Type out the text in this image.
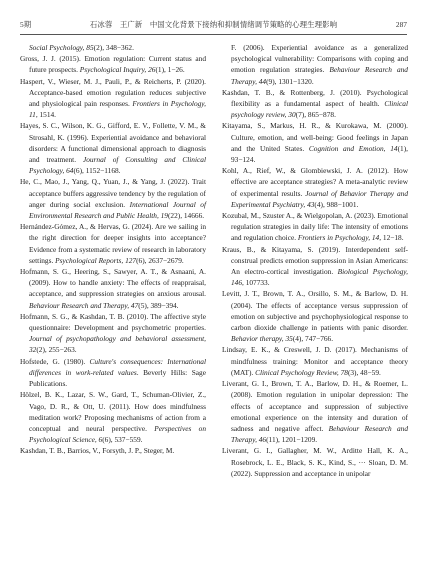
5期	石冰蓉　王广新　中国文化背景下接纳和抑制情绪调节策略的心理生理影响	287

Social Psychology, 85(2), 348−362.

Gross, J. J. (2015). Emotion regulation: Current status and future prospects. Psychological Inquiry, 26(1), 1−26.

Haspert, V., Wieser, M. J., Pauli, P., & Reicherts, P. (2020). Acceptance-based emotion regulation reduces subjective and physiological pain responses. Frontiers in Psychology, 11, 1514.

Hayes, S. C., Wilson, K. G., Gifford, E. V., Follette, V. M., & Strosahl, K. (1996). Experiential avoidance and behavioral disorders: A functional dimensional approach to diagnosis and treatment. Journal of Consulting and Clinical Psychology, 64(6), 1152−1168.

He, C., Mao, J., Yang, Q., Yuan, J., & Yang, J. (2022). Trait acceptance buffers aggressive tendency by the regulation of anger during social exclusion. International Journal of Environmental Research and Public Health, 19(22), 14666.

Hernández-Gómez, A., & Hervas, G. (2024). Are we sailing in the right direction for deeper insights into acceptance? Evidence from a systematic review of research in laboratory settings. Psychological Reports, 127(6), 2637−2679.

Hofmann, S. G., Heering, S., Sawyer, A. T., & Asnaani, A. (2009). How to handle anxiety: The effects of reappraisal, acceptance, and suppression strategies on anxious arousal. Behaviour Research and Therapy, 47(5), 389−394.

Hofmann, S. G., & Kashdan, T. B. (2010). The affective style questionnaire: Development and psychometric properties. Journal of psychopathology and behavioral assessment, 32(2), 255−263.

Hofstede, G. (1980). Culture's consequences: International differences in work-related values. Beverly Hills: Sage Publications.

Hölzel, B. K., Lazar, S. W., Gard, T., Schuman-Olivier, Z., Vago, D. R., & Ott, U. (2011). How does mindfulness meditation work? Proposing mechanisms of action from a conceptual and neural perspective. Perspectives on Psychological Science, 6(6), 537−559.

Kashdan, T. B., Barrios, V., Forsyth, J. P., Steger, M.

F. (2006). Experiential avoidance as a generalized psychological vulnerability: Comparisons with coping and emotion regulation strategies. Behaviour Research and Therapy, 44(9), 1301−1320.

Kashdan, T. B., & Rottenberg, J. (2010). Psychological flexibility as a fundamental aspect of health. Clinical psychology review, 30(7), 865−878.

Kitayama, S., Markus, H. R., & Kurokawa, M. (2000). Culture, emotion, and well-being: Good feelings in Japan and the United States. Cognition and Emotion, 14(1), 93−124.

Kohl, A., Rief, W., & Glombiewski, J. A. (2012). How effective are acceptance strategies? A meta-analytic review of experimental results. Journal of Behavior Therapy and Experimental Psychiatry, 43(4), 988−1001.

Kozubal, M., Szuster A., & Wielgopolan, A. (2023). Emotional regulation strategies in daily life: The intensity of emotions and regulation choice. Frontiers in Psychology, 14, 12−18.

Kraus, B., & Kitayama, S. (2019). Interdependent self-construal predicts emotion suppression in Asian Americans: An electro-cortical investigation. Biological Psychology, 146, 107733.

Levitt, J. T., Brown, T. A., Orsillo, S. M., & Barlow, D. H. (2004). The effects of acceptance versus suppression of emotion on subjective and psychophysiological response to carbon dioxide challenge in patients with panic disorder. Behavior therapy, 35(4), 747−766.

Lindsay, E. K., & Creswell, J. D. (2017). Mechanisms of mindfulness training: Monitor and acceptance theory (MAT). Clinical Psychology Review, 78(3), 48−59.

Liverant, G. I., Brown, T. A., Barlow, D. H., & Roemer, L. (2008). Emotion regulation in unipolar depression: The effects of acceptance and suppression of subjective emotional experience on the intensity and duration of sadness and negative affect. Behaviour Research and Therapy, 46(11), 1201−1209.

Liverant, G. I., Gallagher, M. W., Arditte Hall, K. A., Rosebrock, L. E., Black, S. K., Kind, S., ··· Sloan, D. M. (2022). Suppression and acceptance in unipolar
